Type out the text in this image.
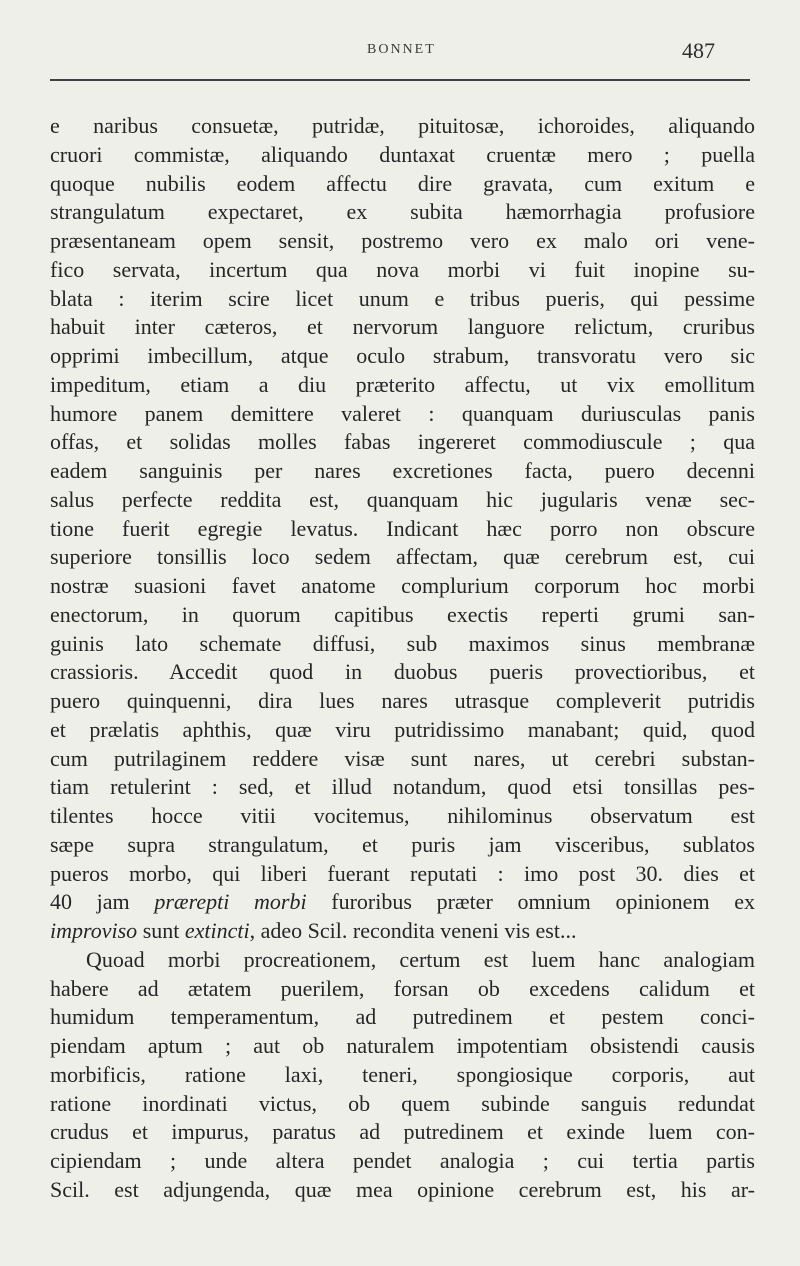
BONNET	487
e naribus consuetæ, putridæ, pituitosæ, ichoroides, aliquando
cruori commistæ, aliquando duntaxat cruentæ mero ; puella
quoque nubilis eodem affectu dire gravata, cum exitum e
strangulatum expectaret, ex subita hæmorrhagia profusiore
præsentaneam opem sensit, postremo vero ex malo ori vene-
fico servata, incertum qua nova morbi vi fuit inopine su-
blata : iterim scire licet unum e tribus pueris, qui pessime
habuit inter cæteros, et nervorum languore relictum, cruribus
opprimi imbecillum, atque oculo strabum, transvoratu vero sic
impeditum, etiam a diu præterito affectu, ut vix emollitum
humore panem demittere valeret : quanquam duriusculas panis
offas, et solidas molles fabas ingereret commodiuscule ; qua
eadem sanguinis per nares excretiones facta, puero decenni
salus perfecte reddita est, quanquam hic jugularis venæ sec-
tione fuerit egregie levatus. Indicant hæc porro non obscure
superiore tonsillis loco sedem affectam, quæ cerebrum est, cui
nostræ suasioni favet anatome complurium corporum hoc morbi
enectorum, in quorum capitibus exectis reperti grumi san-
guinis lato schemate diffusi, sub maximos sinus membranæ
crassioris. Accedit quod in duobus pueris provectioribus, et
puero quinquenni, dira lues nares utrasque compleverit putridis
et prælatis aphthis, quæ viru putridissimo manabant; quid, quod
cum putrilaginem reddere visæ sunt nares, ut cerebri substan-
tiam retulerint : sed, et illud notandum, quod etsi tonsillas pes-
tilentes hocce vitii vocitemus, nihilominus observatum est
sæpe supra strangulatum, et puris jam visceribus, sublatos
pueros morbo, qui liberi fuerant reputati : imo post 30. dies et
40 jam prærepti morbi furoribus præter omnium opinionem ex
improviso sunt extincti, adeo Scil. recondita veneni vis est...
Quoad morbi procreationem, certum est luem hanc analogiam
habere ad ætatem puerilem, forsan ob excedens calidum et
humidum temperamentum, ad putredinem et pestem conci-
piendam aptum ; aut ob naturalem impotentiam obsistendi causis
morbificis, ratione laxi, teneri, spongiosique corporis, aut
ratione inordinati victus, ob quem subinde sanguis redundat
crudus et impurus, paratus ad putredinem et exinde luem con-
cipiendam ; unde altera pendet analogia ; cui tertia partis
Scil. est adjungenda, quæ mea opinione cerebrum est, his ar-
